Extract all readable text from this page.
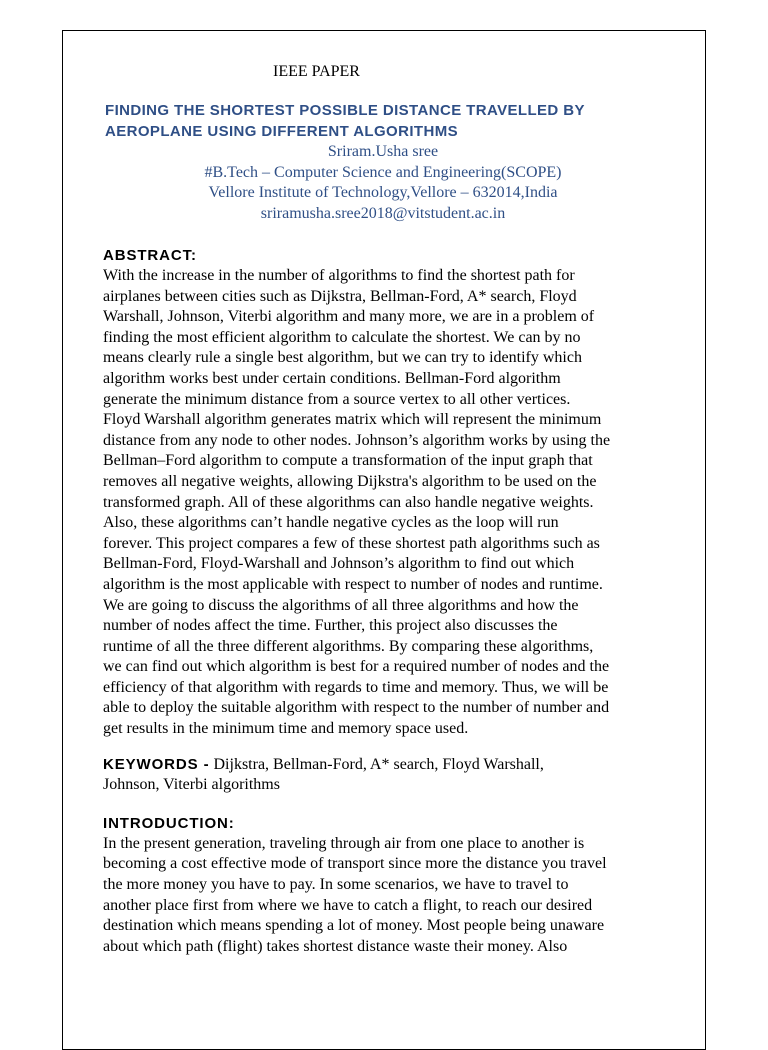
IEEE PAPER

FINDING THE SHORTEST POSSIBLE DISTANCE TRAVELLED BY
AEROPLANE USING DIFFERENT ALGORITHMS

Sriram.Usha sree

#B.Tech – Computer Science and Engineering(SCOPE)

Vellore Institute of Technology,Vellore – 632014,India

sriramusha.sree2018@vitstudent.ac.in

ABSTRACT:

With the increase in the number of algorithms to find the shortest path for
airplanes between cities such as Dijkstra, Bellman-Ford, A* search, Floyd
Warshall, Johnson, Viterbi algorithm and many more, we are in a problem of
finding the most efficient algorithm to calculate the shortest. We can by no
means clearly rule a single best algorithm, but we can try to identify which
algorithm works best under certain conditions. Bellman-Ford algorithm
generate the minimum distance from a source vertex to all other vertices.
Floyd Warshall algorithm generates matrix which will represent the minimum
distance from any node to other nodes. Johnson’s algorithm works by using the
Bellman–Ford algorithm to compute a transformation of the input graph that
removes all negative weights, allowing Dijkstra's algorithm to be used on the
transformed graph. All of these algorithms can also handle negative weights.
Also, these algorithms can’t handle negative cycles as the loop will run
forever. This project compares a few of these shortest path algorithms such as
Bellman-Ford, Floyd-Warshall and Johnson’s algorithm to find out which
algorithm is the most applicable with respect to number of nodes and runtime.
We are going to discuss the algorithms of all three algorithms and how the
number of nodes affect the time. Further, this project also discusses the
runtime of all the three different algorithms. By comparing these algorithms,
we can find out which algorithm is best for a required number of nodes and the
efficiency of that algorithm with regards to time and memory. Thus, we will be
able to deploy the suitable algorithm with respect to the number of number and
get results in the minimum time and memory space used.
KEYWORDS - Dijkstra, Bellman-Ford, A* search, Floyd Warshall,
Johnson, Viterbi algorithms

INTRODUCTION:

In the present generation, traveling through air from one place to another is
becoming a cost effective mode of transport since more the distance you travel
the more money you have to pay. In some scenarios, we have to travel to
another place first from where we have to catch a flight, to reach our desired
destination which means spending a lot of money. Most people being unaware
about which path (flight) takes shortest distance waste their money. Also
